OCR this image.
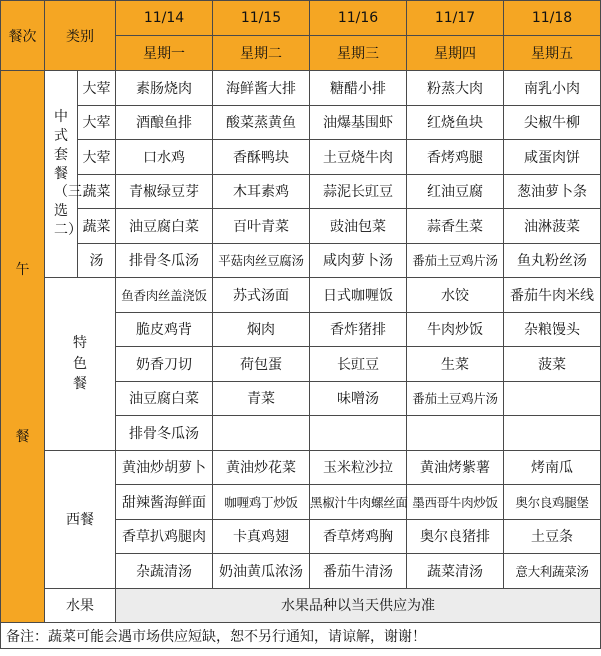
餐次	类别		11/14	11/15	11/16	11/17	11/18
			星期一	星期二	星期三	星期四	星期五

午
餐	中式套餐（三选二）	大荤	素肠烧肉	海鲜酱大排	糖醋小排	粉蒸大肉	南乳小肉
		大荤	酒酿鱼排	酸菜蒸黄鱼	油爆基围虾	红烧鱼块	尖椒牛柳
		大荤	口水鸡	香酥鸭块	土豆烧牛肉	香烤鸡腿	咸蛋肉饼
		蔬菜	青椒绿豆芽	木耳素鸡	蒜泥长豇豆	红油豆腐	葱油萝卜条
		蔬菜	油豆腐白菜	百叶青菜	豉油包菜	蒜香生菜	油淋菠菜
		汤	排骨冬瓜汤	平菇肉丝豆腐汤	咸肉萝卜汤	番茄土豆鸡片汤	鱼丸粉丝汤
	特色餐		鱼香肉丝盖浇饭	苏式汤面	日式咖喱饭	水饺	番茄牛肉米线
			脆皮鸡背	焖肉	香炸猪排	牛肉炒饭	杂粮馒头
			奶香刀切	荷包蛋	长豇豆	生菜	菠菜
			油豆腐白菜	青菜	味噌汤	番茄土豆鸡片汤	
			排骨冬瓜汤				
	西餐		黄油炒胡萝卜	黄油炒花菜	玉米粒沙拉	黄油烤紫薯	烤南瓜
			甜辣酱海鲜面	咖喱鸡丁炒饭	黑椒汁牛肉螺丝面	墨西哥牛肉炒饭	奥尔良鸡腿堡
			香草扒鸡腿肉	卡真鸡翅	香草烤鸡胸	奥尔良猪排	土豆条
			杂蔬清汤	奶油黄瓜浓汤	番茄牛清汤	蔬菜清汤	意大利蔬菜汤
	水果		水果品种以当天供应为准				
备注：蔬菜可能会遇市场供应短缺，恕不另行通知，请谅解，谢谢！							
